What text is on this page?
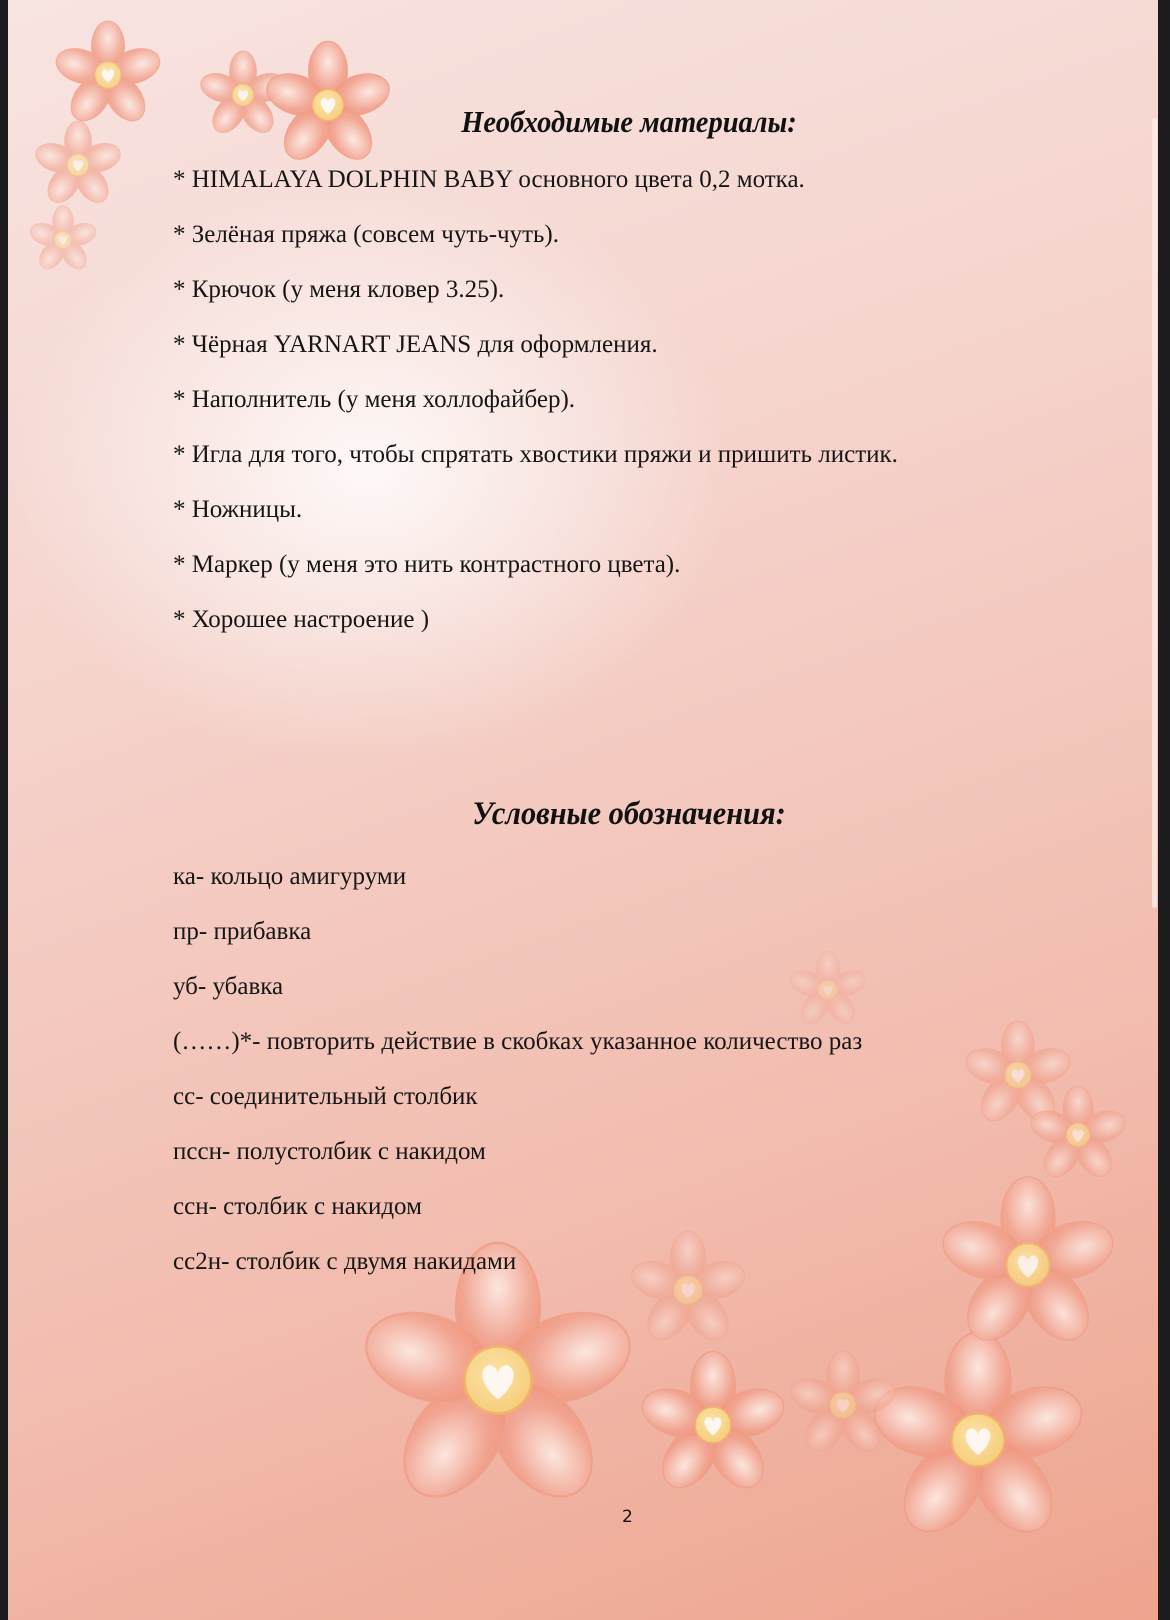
Необходимые материалы:
* HIMALAYA DOLPHIN BABY основного цвета 0,2 мотка.
* Зелёная пряжа (совсем чуть-чуть).
* Крючок (у меня кловер 3.25).
* Чёрная YARNART JEANS для оформления.
* Наполнитель (у меня холлофайбер).
* Игла для того, чтобы спрятать хвостики пряжи и пришить листик.
* Ножницы.
* Маркер (у меня это нить контрастного цвета).
* Хорошее настроение )
Условные обозначения:
ка- кольцо амигуруми
пр- прибавка
уб- убавка
(……)*- повторить действие в скобках указанное количество раз
сс- соединительный столбик
пссн- полустолбик с накидом
ссн- столбик с накидом
сс2н- столбик с двумя накидами
2
